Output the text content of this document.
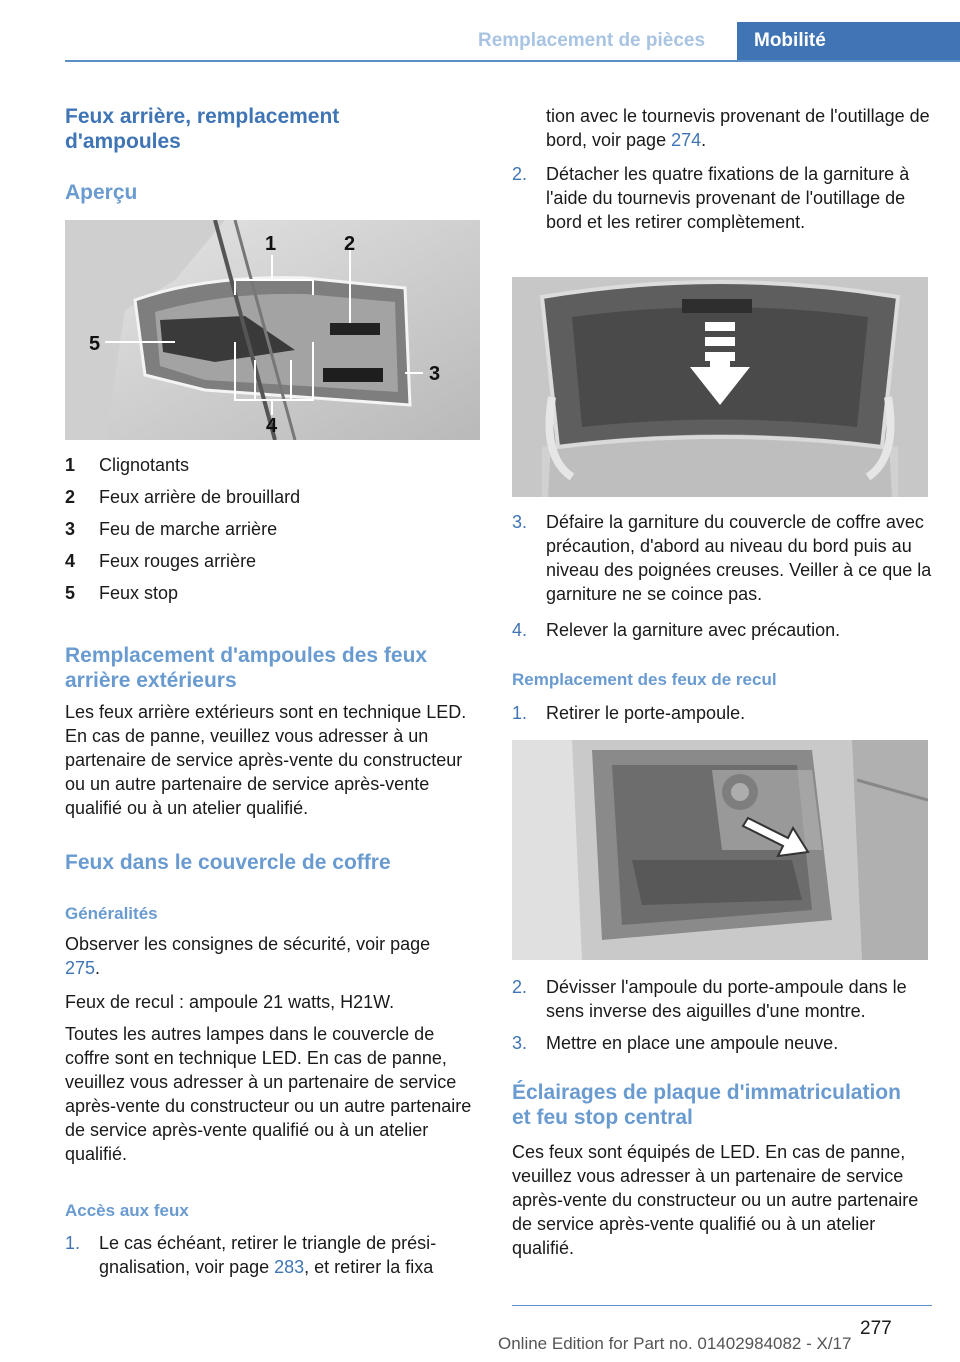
Remplacement de pièces	Mobilité
Feux arrière, remplacement d'ampoules
Aperçu
1	2
3
4
5
1 Clignotants
2 Feux arrière de brouillard
3 Feu de marche arrière
4 Feux rouges arrière
5 Feux stop
Remplacement d'ampoules des feux arrière extérieurs

Les feux arrière extérieurs sont en technique LED. En cas de panne, veuillez vous adresser à un partenaire de service après-vente du constructeur ou un autre partenaire de service après-vente qualifié ou à un atelier qualifié.

Feux dans le couvercle de coffre
Généralités

Observer les consignes de sécurité, voir page 275.

Feux de recul : ampoule 21 watts, H21W.

Toutes les autres lampes dans le couvercle de coffre sont en technique LED. En cas de panne, veuillez vous adresser à un partenaire de service après-vente du constructeur ou un autre partenaire de service après-vente qualifié ou à un atelier qualifié.

Accès aux feux
1. Le cas échéant, retirer le triangle de présignalisation, voir page 283, et retirer la fixa

tion avec le tournevis provenant de l'outillage de bord, voir page 274.

2. Détacher les quatre fixations de la garniture à l'aide du tournevis provenant de l'outillage de bord et les retirer complètement.
3. Défaire la garniture du couvercle de coffre avec précaution, d'abord au niveau du bord puis au niveau des poignées creuses. Veiller à ce que la garniture ne se coince pas.
4. Relever la garniture avec précaution.
Remplacement des feux de recul
1. Retirer le porte-ampoule.
2. Dévisser l'ampoule du porte-ampoule dans le sens inverse des aiguilles d'une montre.
3. Mettre en place une ampoule neuve.
Éclairages de plaque d'immatriculation et feu stop central

Ces feux sont équipés de LED. En cas de panne, veuillez vous adresser à un partenaire de service après-vente du constructeur ou un autre partenaire de service après-vente qualifié ou à un atelier qualifié.

277
Online Edition for Part no. 01402984082 - X/17
